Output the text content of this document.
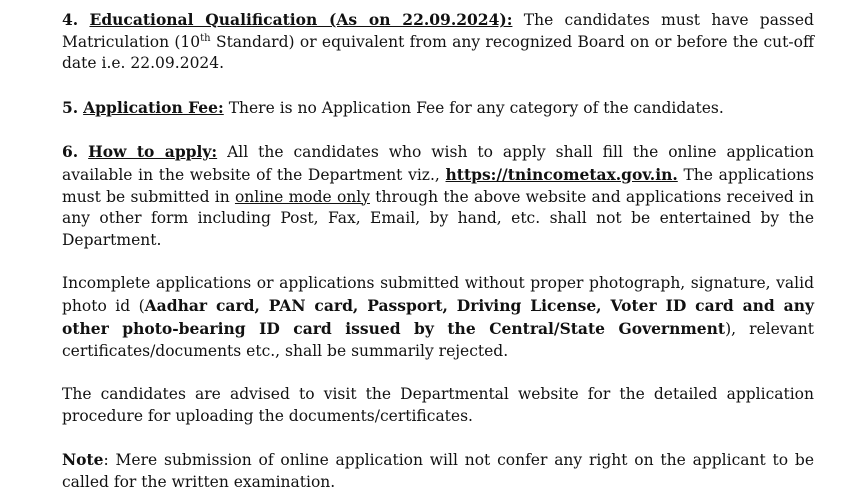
4. Educational Qualification (As on 22.09.2024): The candidates must have passed Matriculation (10th Standard) or equivalent from any recognized Board on or before the cut-off date i.e. 22.09.2024.

5. Application Fee: There is no Application Fee for any category of the candidates.

6. How to apply: All the candidates who wish to apply shall fill the online application available in the website of the Department viz., https://tnincometax.gov.in. The applications must be submitted in online mode only through the above website and applications received in any other form including Post, Fax, Email, by hand, etc. shall not be entertained by the Department.

Incomplete applications or applications submitted without proper photograph, signature, valid photo id (Aadhar card, PAN card, Passport, Driving License, Voter ID card and any other photo-bearing ID card issued by the Central/State Government), relevant certificates/documents etc., shall be summarily rejected.

The candidates are advised to visit the Departmental website for the detailed application procedure for uploading the documents/certificates.

Note: Mere submission of online application will not confer any right on the applicant to be called for the written examination.
